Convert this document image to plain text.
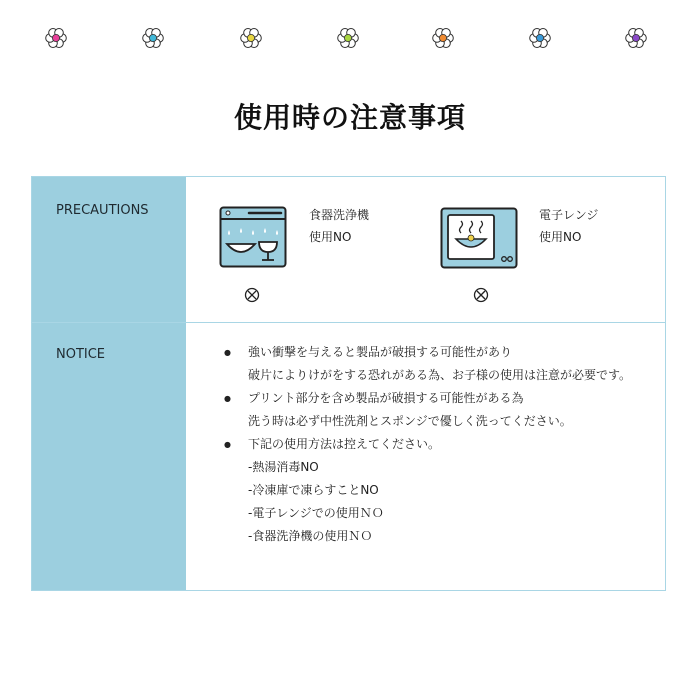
使用時の注意事項
PRECAUTIONS
NOTICE
食器洗浄機
使用NO
電子レンジ
使用NO
● 強い衝撃を与えると製品が破損する可能性があり
破片によりけがをする恐れがある為、お子様の使用は注意が必要です。
● プリント部分を含め製品が破損する可能性がある為
洗う時は必ず中性洗剤とスポンジで優しく洗ってください。
● 下記の使用方法は控えてください。
-熱湯消毒NO
-冷凍庫で凍らすことNO
-電子レンジでの使用ＮＯ
-食器洗浄機の使用ＮＯ
